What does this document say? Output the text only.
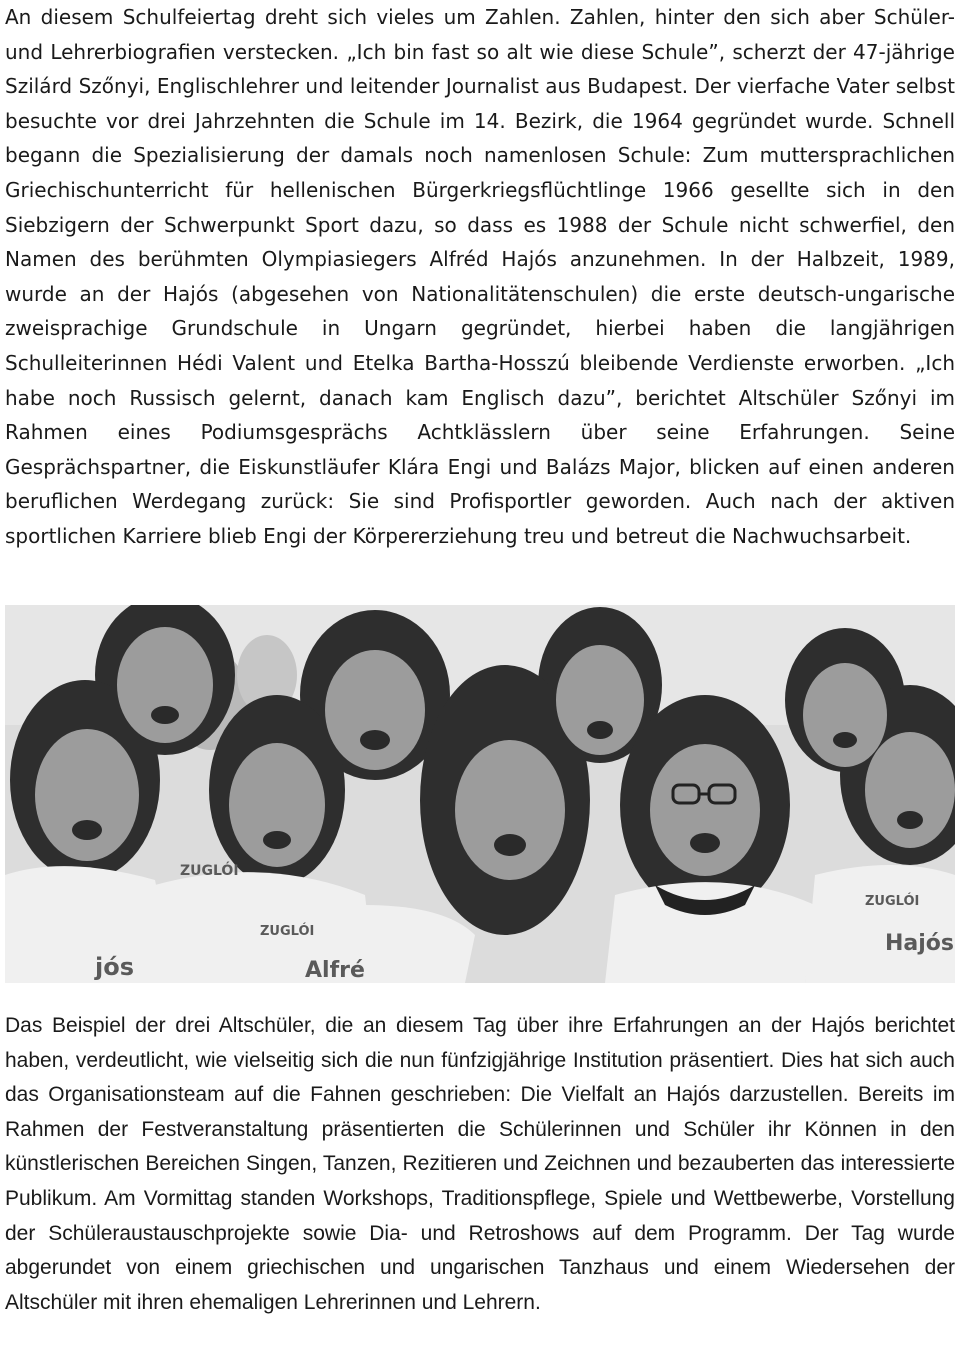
An diesem Schulfeiertag dreht sich vieles um Zahlen. Zahlen, hinter den sich aber Schüler- und Lehrerbiografien verstecken. „Ich bin fast so alt wie diese Schule”, scherzt der 47-jährige Szilárd Szőnyi, Englischlehrer und leitender Journalist aus Budapest. Der vierfache Vater selbst besuchte vor drei Jahrzehnten die Schule im 14. Bezirk, die 1964 gegründet wurde. Schnell begann die Spezialisierung der damals noch namenlosen Schule: Zum muttersprachlichen Griechischunterricht für hellenischen Bürgerkriegsflüchtlinge 1966 gesellte sich in den Siebzigern der Schwerpunkt Sport dazu, so dass es 1988 der Schule nicht schwerfiel, den Namen des berühmten Olympiasiegers Alfréd Hajós anzunehmen. In der Halbzeit, 1989, wurde an der Hajós (abgesehen von Nationalitätenschulen) die erste deutsch-ungarische zweisprachige Grundschule in Ungarn gegründet, hierbei haben die langjährigen Schulleiterinnen Hédi Valent und Etelka Bartha-Hosszú bleibende Verdienste erworben. „Ich habe noch Russisch gelernt, danach kam Englisch dazu”, berichtet Altschüler Szőnyi im Rahmen eines Podiumsgesprächs Achtklässlern über seine Erfahrungen. Seine Gesprächspartner, die Eiskunstläufer Klára Engi und Balázs Major, blicken auf einen anderen beruflichen Werdegang zurück: Sie sind Profisportler geworden. Auch nach der aktiven sportlichen Karriere blieb Engi der Körpererziehung treu und betreut die Nachwuchsarbeit.

ZUGLÓI
ZUGLÓI
ZUGLÓI
Hajós
Alfré
jós

Das Beispiel der drei Altschüler, die an diesem Tag über ihre Erfahrungen an der Hajós berichtet haben, verdeutlicht, wie vielseitig sich die nun fünfzigjährige Institution präsentiert. Dies hat sich auch das Organisationsteam auf die Fahnen geschrieben: Die Vielfalt an Hajós darzustellen. Bereits im Rahmen der Festveranstaltung präsentierten die Schülerinnen und Schüler ihr Können in den künstlerischen Bereichen Singen, Tanzen, Rezitieren und Zeichnen und bezauberten das interessierte Publikum. Am Vormittag standen Workshops, Traditionspflege, Spiele und Wettbewerbe, Vorstellung der Schüleraustauschprojekte sowie Dia- und Retroshows auf dem Programm. Der Tag wurde abgerundet von einem griechischen und ungarischen Tanzhaus und einem Wiedersehen der Altschüler mit ihren ehemaligen Lehrerinnen und Lehrern.
